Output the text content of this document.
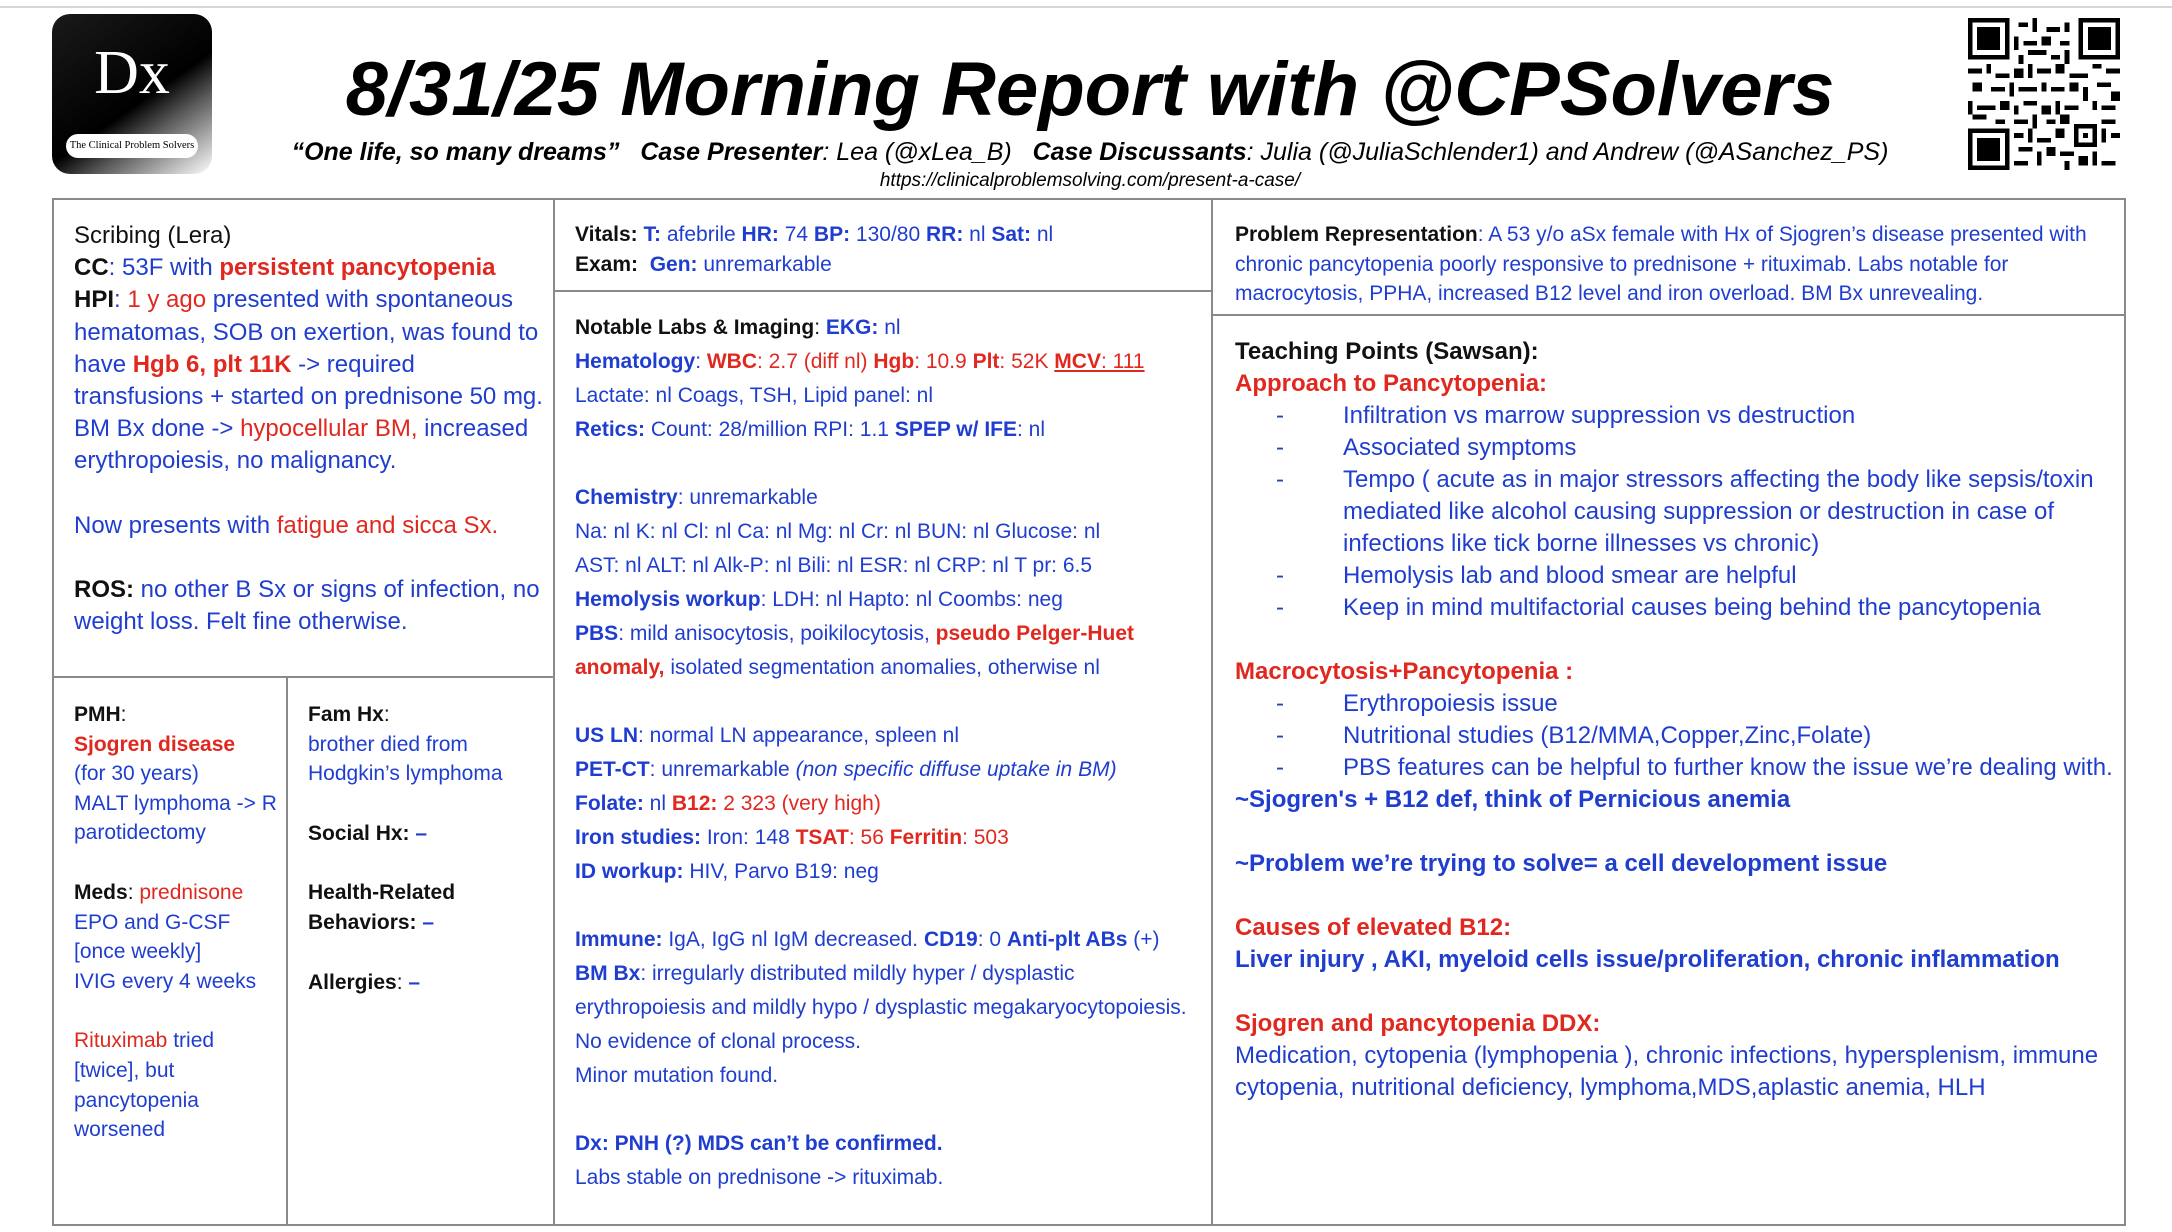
Dx
The Clinical Problem Solvers
8/31/25 Morning Report with @CPSolvers
“One life, so many dreams” Case Presenter: Lea (@xLea_B) Case Discussants: Julia (@JuliaSchlender1) and Andrew (@ASanchez_PS)
https://clinicalproblemsolving.com/present-a-case/

Scribing (Lera)

CC: 53F with persistent pancytopenia

HPI: 1 y ago presented with spontaneous hematomas, SOB on exertion, was found to have Hgb 6, plt 11K -> required transfusions + started on prednisone 50 mg. BM Bx done -> hypocellular BM, increased erythropoiesis, no malignancy.

Now presents with fatigue and sicca Sx.

ROS: no other B Sx or signs of infection, no weight loss. Felt fine otherwise.

PMH:

Sjogren disease

(for 30 years)

MALT lymphoma -> R parotidectomy

Meds: prednisone

EPO and G-CSF [once weekly]

IVIG every 4 weeks

Rituximab tried [twice], but pancytopenia worsened

Fam Hx:

brother died from Hodgkin’s lymphoma

Social Hx: –

Health-Related Behaviors: –

Allergies: –

Vitals: T: afebrile HR: 74 BP: 130/80 RR: nl Sat: nl

Exam: Gen: unremarkable

Notable Labs & Imaging: EKG: nl

Hematology: WBC: 2.7 (diff nl) Hgb: 10.9 Plt: 52K MCV: 111

Lactate: nl Coags, TSH, Lipid panel: nl

Retics: Count: 28/million RPI: 1.1 SPEP w/ IFE: nl

Chemistry: unremarkable

Na: nl K: nl Cl: nl Ca: nl Mg: nl Cr: nl BUN: nl Glucose: nl

AST: nl ALT: nl Alk-P: nl Bili: nl ESR: nl CRP: nl T pr: 6.5

Hemolysis workup: LDH: nl Hapto: nl Coombs: neg

PBS: mild anisocytosis, poikilocytosis, pseudo Pelger-Huet anomaly, isolated segmentation anomalies, otherwise nl

US LN: normal LN appearance, spleen nl

PET-CT: unremarkable (non specific diffuse uptake in BM)

Folate: nl B12: 2 323 (very high)

Iron studies: Iron: 148 TSAT: 56 Ferritin: 503

ID workup: HIV, Parvo B19: neg

Immune: IgA, IgG nl IgM decreased. CD19: 0 Anti-plt ABs (+)

BM Bx: irregularly distributed mildly hyper / dysplastic erythropoiesis and mildly hypo / dysplastic megakaryocytopoiesis. No evidence of clonal process.

Minor mutation found.

Dx: PNH (?) MDS can’t be confirmed.

Labs stable on prednisone -> rituximab.

Problem Representation: A 53 y/o aSx female with Hx of Sjogren’s disease presented with chronic pancytopenia poorly responsive to prednisone + rituximab. Labs notable for macrocytosis, PPHA, increased B12 level and iron overload. BM Bx unrevealing.

Teaching Points (Sawsan):

Approach to Pancytopenia:

-	Infiltration vs marrow suppression vs destruction
-	Associated symptoms
-	Tempo ( acute as in major stressors affecting the body like sepsis/toxin mediated like alcohol causing suppression or destruction in case of infections like tick borne illnesses vs chronic)
-	Hemolysis lab and blood smear are helpful
-	Keep in mind multifactorial causes being behind the pancytopenia

Macrocytosis+Pancytopenia :

-	Erythropoiesis issue
-	Nutritional studies (B12/MMA,Copper,Zinc,Folate)
-	PBS features can be helpful to further know the issue we’re dealing with.

~Sjogren's + B12 def, think of Pernicious anemia

~Problem we’re trying to solve= a cell development issue

Causes of elevated B12:

Liver injury , AKI, myeloid cells issue/proliferation, chronic inflammation

Sjogren and pancytopenia DDX:

Medication, cytopenia (lymphopenia ), chronic infections, hypersplenism, immune cytopenia, nutritional deficiency, lymphoma,MDS,aplastic anemia, HLH
